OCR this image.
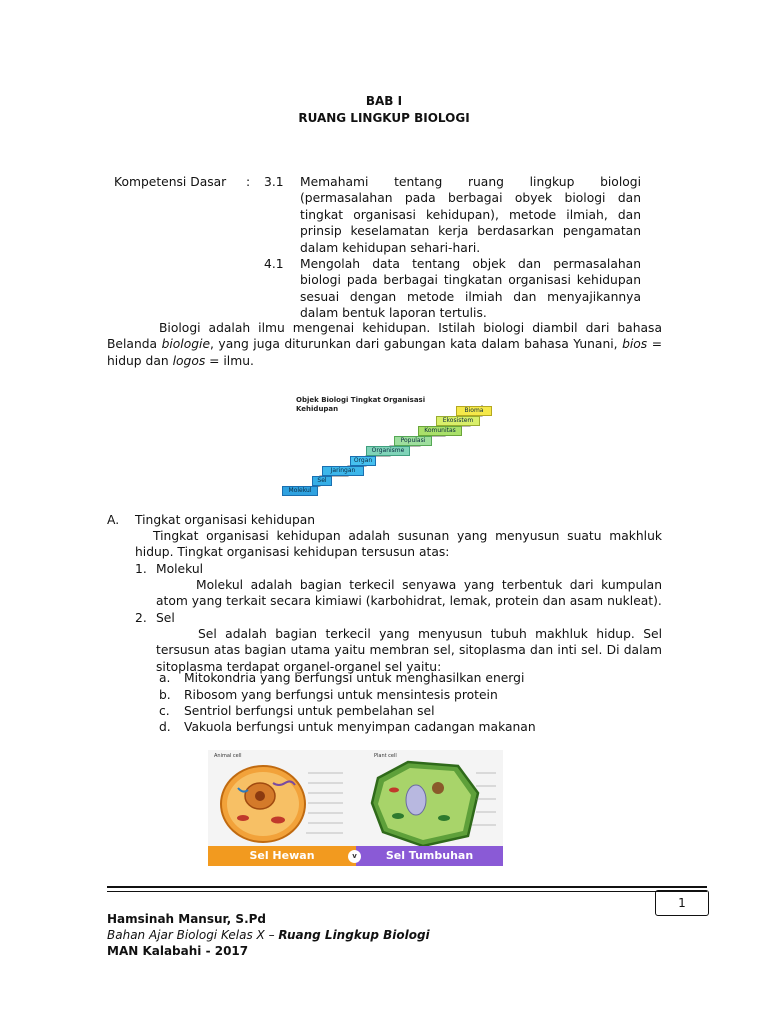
BAB I
RUANG LINGKUP BIOLOGI
Kompetensi Dasar : 3.1 Memahami tentang ruang lingkup biologi (permasalahan pada berbagai obyek biologi dan tingkat organisasi kehidupan), metode ilmiah, dan prinsip keselamatan kerja berdasarkan pengamatan dalam kehidupan sehari-hari.
4.1 Mengolah data tentang objek dan permasalahan biologi pada berbagai tingkatan organisasi kehidupan sesuai dengan metode ilmiah dan menyajikannya dalam bentuk laporan tertulis.
Biologi adalah ilmu mengenai kehidupan. Istilah biologi diambil dari bahasa Belanda biologie, yang juga diturunkan dari gabungan kata dalam bahasa Yunani, bios = hidup dan logos = ilmu.
Objek Biologi Tingkat Organisasi
Kehidupan
Molekul
Sel
Jaringan
Organ
Organisme
Populasi
Komunitas
Ekosistem
Bioma
A. Tingkat organisasi kehidupan
Tingkat organisasi kehidupan adalah susunan yang menyusun suatu makhluk hidup. Tingkat organisasi kehidupan tersusun atas:
1. Molekul
Molekul adalah bagian terkecil senyawa yang terbentuk dari kumpulan atom yang terkait secara kimiawi (karbohidrat, lemak, protein dan asam nukleat).
2. Sel
Sel adalah bagian terkecil yang menyusun tubuh makhluk hidup. Sel tersusun atas bagian utama yaitu membran sel, sitoplasma dan inti sel. Di dalam sitoplasma terdapat organel-organel sel yaitu:
a. Mitokondria yang berfungsi untuk menghasilkan energi
b. Ribosom yang berfungsi untuk mensintesis protein
c. Sentriol berfungsi untuk pembelahan sel
d. Vakuola berfungsi untuk menyimpan cadangan makanan
Animal cell	Plant cell
Sel Hewan	Sel Tumbuhan
v
1
Hamsinah Mansur, S.Pd
Bahan Ajar Biologi Kelas X – Ruang Lingkup Biologi
MAN Kalabahi - 2017
